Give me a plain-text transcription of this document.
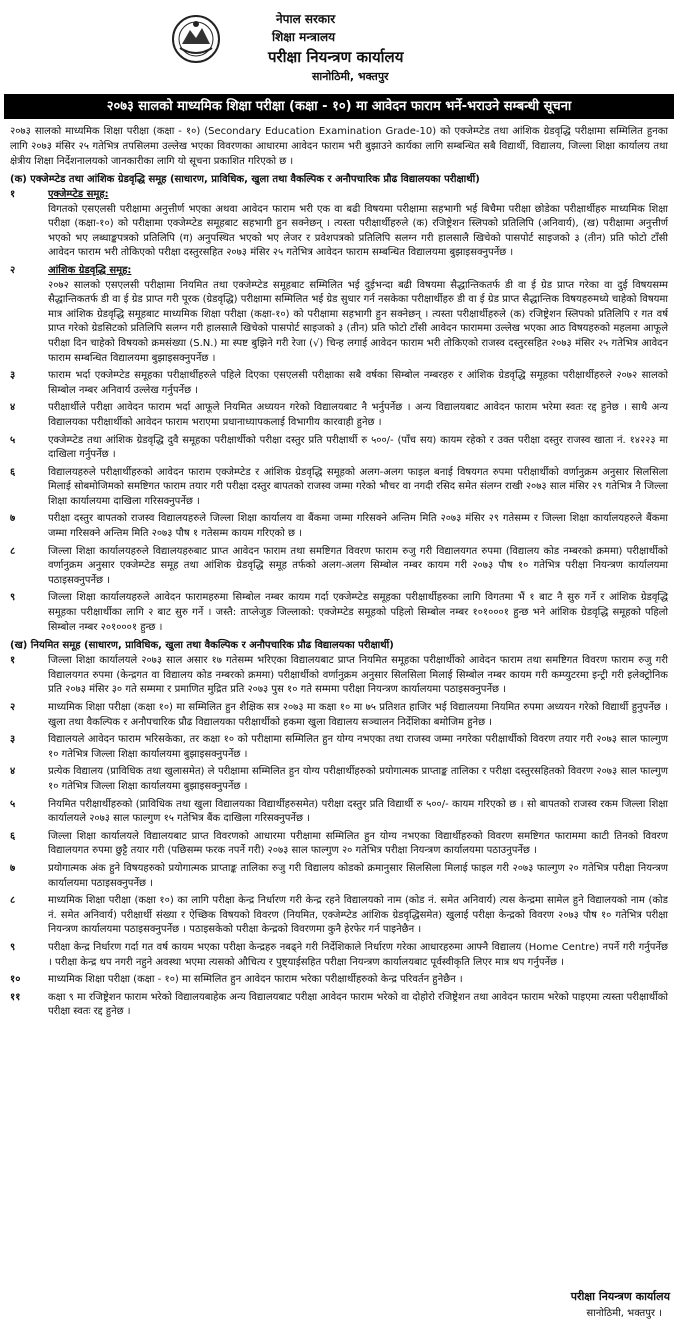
नेपाल सरकार
शिक्षा मन्त्रालय
परीक्षा नियन्त्रण कार्यालय
सानोठिमी, भक्तपुर
२०७३ सालको माध्यमिक शिक्षा परीक्षा (कक्षा - १०) मा आवेदन फाराम भर्ने-भराउने सम्बन्धी सूचना

२०७३ सालको माध्यमिक शिक्षा परीक्षा (कक्षा - १०) (Secondary Education Examination Grade-10) को एक्जेम्प्टेड तथा आंशिक ग्रेडवृद्धि परीक्षामा सम्मिलित हुनका लागि २०७३ मंसिर २५ गतेभित्र तपसिलमा उल्लेख भएका विवरणका आधारमा आवेदन फाराम भरी बुझाउने कार्यका लागि सम्बन्धित सबै विद्यार्थी, विद्यालय, जिल्ला शिक्षा कार्यालय तथा क्षेत्रीय शिक्षा निर्देशनालयको जानकारीका लागि यो सूचना प्रकाशित गरिएको छ ।

(क) एक्जेम्प्टेड तथा आंशिक ग्रेडवृद्धि समूह (साधारण, प्राविधिक, खुला तथा वैकल्पिक र अनौपचारिक प्रौढ विद्यालयका परीक्षार्थी)
१	एक्जेम्प्टेड समूह:
विगतको एसएलसी परीक्षामा अनुत्तीर्ण भएका अथवा आवेदन फाराम भरी एक वा बढी विषयमा परीक्षामा सहभागी भई बिचैमा परीक्षा छोडेका परीक्षार्थीहरु माध्यमिक शिक्षा परीक्षा (कक्षा-१०) को परीक्षामा एक्जेम्प्टेड समूहबाट सहभागी हुन सक्नेछन् । त्यस्ता परीक्षार्थीहरुले (क) रजिष्ट्रेशन स्लिपको प्रतिलिपि (अनिवार्य), (ख) परीक्षामा अनुत्तीर्ण भएको भए लब्धाङ्कपत्रको प्रतिलिपि (ग) अनुपस्थित भएको भए लेजर र प्रवेशपत्रको प्रतिलिपि सलग्न गरी हालसालै खिचेको पासपोर्ट साइजको ३ (तीन) प्रति फोटो टाँसी आवेदन फाराम भरी तोकिएको परीक्षा दस्तुरसहित २०७३ मंसिर २५ गतेभित्र आवेदन फाराम सम्बन्धित विद्यालयमा बुझाइसक्नुपर्नेछ ।
२	आंशिक ग्रेडवृद्धि समूह:
२०७२ सालको एसएलसी परीक्षामा नियमित तथा एक्जेम्प्टेड समूहबाट सम्मिलित भई दुईभन्दा बढी विषयमा सैद्धान्तिकतर्फ डी वा ई ग्रेड प्राप्त गरेका वा दुई विषयसम्म सैद्धान्तिकतर्फ डी वा ई ग्रेड प्राप्त गरी पूरक (ग्रेडवृद्धि) परीक्षामा सम्मिलित भई ग्रेड सुधार गर्न नसकेका परीक्षार्थीहरु डी वा ई ग्रेड प्राप्त सैद्धान्तिक विषयहरुमध्ये चाहेको विषयमा मात्र आंशिक ग्रेडवृद्धि समूहबाट माध्यमिक शिक्षा परीक्षा (कक्षा-१०) को परीक्षामा सहभागी हुन सक्नेछन् । त्यस्ता परीक्षार्थीहरुले (क) रजिष्ट्रेशन स्लिपको प्रतिलिपि र गत वर्ष प्राप्त गरेको ग्रेडसिटको प्रतिलिपि सलग्न गरी हालसालै खिचेको पासपोर्ट साइजको ३ (तीन) प्रति फोटो टाँसी आवेदन फाराममा उल्लेख भएका आठ विषयहरुको महलमा आफूले परीक्षा दिन चाहेको विषयको क्रमसंख्या (S.N.) मा स्पष्ट बुझिने गरी रेजा (√) चिन्ह लगाई आवेदन फाराम भरी तोकिएको राजस्व दस्तुरसहित २०७३ मंसिर २५ गतेभित्र आवेदन फाराम सम्बन्धित विद्यालयमा बुझाइसक्नुपर्नेछ ।
३	फाराम भर्दा एक्जेम्प्टेड समूहका परीक्षार्थीहरुले पहिले दिएका एसएलसी परीक्षाका सबै वर्षका सिम्बोल नम्बरहरु र आंशिक ग्रेडवृद्धि समूहका परीक्षार्थीहरुले २०७२ सालको सिम्बोल नम्बर अनिवार्य उल्लेख गर्नुपर्नेछ ।
४	परीक्षार्थीले परीक्षा आवेदन फाराम भर्दा आफूले नियमित अध्ययन गरेको विद्यालयबाट नै भर्नुपर्नेछ । अन्य विद्यालयबाट आवेदन फाराम भरेमा स्वतः रद्द हुनेछ । साथै अन्य विद्यालयका परीक्षार्थीको आवेदन फाराम भराएमा प्रधानाध्यापकलाई विभागीय कारवाही हुनेछ ।
५	एक्जेम्प्टेड तथा आंशिक ग्रेडवृद्धि दुवै समूहका परीक्षार्थीको परीक्षा दस्तुर प्रति परीक्षार्थी रु ५००/- (पाँच सय) कायम रहेको र उक्त परीक्षा दस्तुर राजस्व खाता नं. १४२२३ मा दाखिला गर्नुपर्नेछ ।
६	विद्यालयहरुले परीक्षार्थीहरुको आवेदन फाराम एक्जेम्प्टेड र आंशिक ग्रेडवृद्धि समूहको अलग-अलग फाइल बनाई विषयगत रुपमा परीक्षार्थीको वर्णानुक्रम अनुसार सिलसिला मिलाई सोबमोजिमको समष्टिगत फाराम तयार गरी परीक्षा दस्तुर बापतको राजस्व जम्मा गरेको भौचर वा नगदी रसिद समेत संलग्न राखी २०७३ साल मंसिर २९ गतेभित्र नै जिल्ला शिक्षा कार्यालयमा दाखिला गरिसक्नुपर्नेछ ।
७	परीक्षा दस्तुर बापतको राजस्व विद्यालयहरुले जिल्ला शिक्षा कार्यालय वा बैंकमा जम्मा गरिसक्ने अन्तिम मिति २०७३ मंसिर २९ गतेसम्म र जिल्ला शिक्षा कार्यालयहरुले बैंकमा जम्मा गरिसक्ने अन्तिम मिति २०७३ पौष १ गतेसम्म कायम गरिएको छ ।
८	जिल्ला शिक्षा कार्यालयहरुले विद्यालयहरुबाट प्राप्त आवेदन फाराम तथा समष्टिगत विवरण फाराम रुजु गरी विद्यालयगत रुपमा (विद्यालय कोड नम्बरको क्रममा) परीक्षार्थीको वर्णानुक्रम अनुसार एक्जेम्प्टेड समूह तथा आंशिक ग्रेडवृद्धि समूह तर्फको अलग-अलग सिम्बोल नम्बर कायम गरी २०७३ पौष १० गतेभित्र परीक्षा नियन्त्रण कार्यालयमा पठाइसक्नुपर्नेछ ।
९	जिल्ला शिक्षा कार्यालयहरुले आवेदन फारामहरुमा सिम्बोल नम्बर कायम गर्दा एक्जेम्प्टेड समूहका परीक्षार्थीहरुका लागि विगतमा भैं १ बाट नै सुरु गर्ने र आंशिक ग्रेडवृद्धि समूहका परीक्षार्थीका लागि २ बाट सुरु गर्ने । जस्तै: ताप्लेजुङ जिल्लाको: एक्जेम्प्टेड समूहको पहिलो सिम्बोल नम्बर १०१०००१ हुन्छ भने आंशिक ग्रेडवृद्धि समूहको पहिलो सिम्बोल नम्बर २०१०००१ हुन्छ ।
(ख) नियमित समूह (साधारण, प्राविधिक, खुला तथा वैकल्पिक र अनौपचारिक प्रौढ विद्यालयका परीक्षार्थी)
१	जिल्ला शिक्षा कार्यालयले २०७३ साल असार १७ गतेसम्म भरिएका विद्यालयबाट प्राप्त नियमित समूहका परीक्षार्थीको आवेदन फाराम तथा समष्टिगत विवरण फाराम रुजु गरी विद्यालयगत रुपमा (केन्द्रगत वा विद्यालय कोड नम्बरको क्रममा) परीक्षार्थीको वर्णानुक्रम अनुसार सिलसिला मिलाई सिम्बोल नम्बर कायम गरी कम्प्युटरमा इन्ट्री गरी इलेक्ट्रोनिक प्रति २०७३ मंसिर ३० गते सम्ममा र प्रमाणित मुद्रित प्रति २०७३ पुस १० गते सम्ममा परीक्षा नियन्त्रण कार्यालयमा पठाइसक्नुपर्नेछ ।
२	माध्यमिक शिक्षा परीक्षा (कक्षा १०) मा सम्मिलित हुन शैक्षिक सत्र २०७३ मा कक्षा १० मा ७५ प्रतिशत हाजिर भई विद्यालयमा नियमित रुपमा अध्ययन गरेको विद्यार्थी हुनुपर्नेछ । खुला तथा वैकल्पिक र अनौपचारिक प्रौढ विद्यालयका परीक्षार्थीको हकमा खुला विद्यालय सञ्चालन निर्देशिका बमोजिम हुनेछ ।
३	विद्यालयले आवेदन फाराम भरिसकेका, तर कक्षा १० को परीक्षामा सम्मिलित हुन योग्य नभएका तथा राजस्व जम्मा नगरेका परीक्षार्थीको विवरण तयार गरी २०७३ साल फाल्गुण १० गतेभित्र जिल्ला शिक्षा कार्यालयमा बुझाइसक्नुपर्नेछ ।
४	प्रत्येक विद्यालय (प्राविधिक तथा खुलासमेत) ले परीक्षामा सम्मिलित हुन योग्य परीक्षार्थीहरुको प्रयोगात्मक प्राप्ताङ्क तालिका र परीक्षा दस्तुरसहितको विवरण २०७३ साल फाल्गुण १० गतेभित्र जिल्ला शिक्षा कार्यालयमा बुझाइसक्नुपर्नेछ ।
५	नियमित परीक्षार्थीहरुको (प्राविधिक तथा खुला विद्यालयका विद्यार्थीहरुसमेत) परीक्षा दस्तुर प्रति विद्यार्थी रु ५००/- कायम गरिएको छ । सो बापतको राजस्व रकम जिल्ला शिक्षा कार्यालयले २०७३ साल फाल्गुण १५ गतेभित्र बैंक दाखिला गरिसक्नुपर्नेछ ।
६	जिल्ला शिक्षा कार्यालयले विद्यालयबाट प्राप्त विवरणको आधारमा परीक्षामा सम्मिलित हुन योग्य नभएका विद्यार्थीहरुको विवरण समष्टिगत फाराममा काटी तिनको विवरण विद्यालयगत रुपमा छुट्टै तयार गरी (पछिसम्म फरक नपर्ने गरी) २०७३ साल फाल्गुण २० गतेभित्र परीक्षा नियन्त्रण कार्यालयमा पठाउनुपर्नेछ ।
७	प्रयोगात्मक अंक हुने विषयहरुको प्रयोगात्मक प्राप्ताङ्क तालिका रुजु गरी विद्यालय कोडको क्रमानुसार सिलसिला मिलाई फाइल गरी २०७३ फाल्गुण २० गतेभित्र परीक्षा नियन्त्रण कार्यालयमा पठाइसक्नुपर्नेछ ।
८	माध्यमिक शिक्षा परीक्षा (कक्षा १०) का लागि परीक्षा केन्द्र निर्धारण गरी केन्द्र रहने विद्यालयको नाम (कोड नं. समेत अनिवार्य) त्यस केन्द्रमा सामेल हुने विद्यालयको नाम (कोड नं. समेत अनिवार्य) परीक्षार्थी संख्या र ऐच्छिक विषयको विवरण (नियमित, एक्जेम्प्टेड आंशिक ग्रेडवृद्धिसमेत) खुलाई परीक्षा केन्द्रको विवरण २०७३ पौष १० गतेभित्र परीक्षा नियन्त्रण कार्यालयमा पठाइसक्नुपर्नेछ । पठाइसकेको परीक्षा केन्द्रको विवरणमा कुनै हेरफेर गर्न पाइनेछैन ।
९	परीक्षा केन्द्र निर्धारण गर्दा गत वर्ष कायम भएका परीक्षा केन्द्रहरु नबढ्ने गरी निर्देशिकाले निर्धारण गरेका आधारहरुमा आफ्नै विद्यालय (Home Centre) नपर्ने गरी गर्नुपर्नेछ । परीक्षा केन्द्र थप नगरी नहुने अवस्था भएमा त्यसको औचित्य र पुष्ट्याईसहित परीक्षा नियन्त्रण कार्यालयबाट पूर्वस्वीकृति लिएर मात्र थप गर्नुपर्नेछ ।
१०	माध्यमिक शिक्षा परीक्षा (कक्षा - १०) मा सम्मिलित हुन आवेदन फाराम भरेका परीक्षार्थीहरुको केन्द्र परिवर्तन हुनेछैन ।
११	कक्षा ९ मा रजिष्ट्रेशन फाराम भरेको विद्यालयबाहेक अन्य विद्यालयबाट परीक्षा आवेदन फाराम भरेको वा दोहोरो रजिष्ट्रेशन तथा आवेदन फाराम भरेको पाइएमा त्यस्ता परीक्षार्थीको परीक्षा स्वतः रद्द हुनेछ ।
परीक्षा नियन्त्रण कार्यालय
सानोठिमी, भक्तपुर ।
